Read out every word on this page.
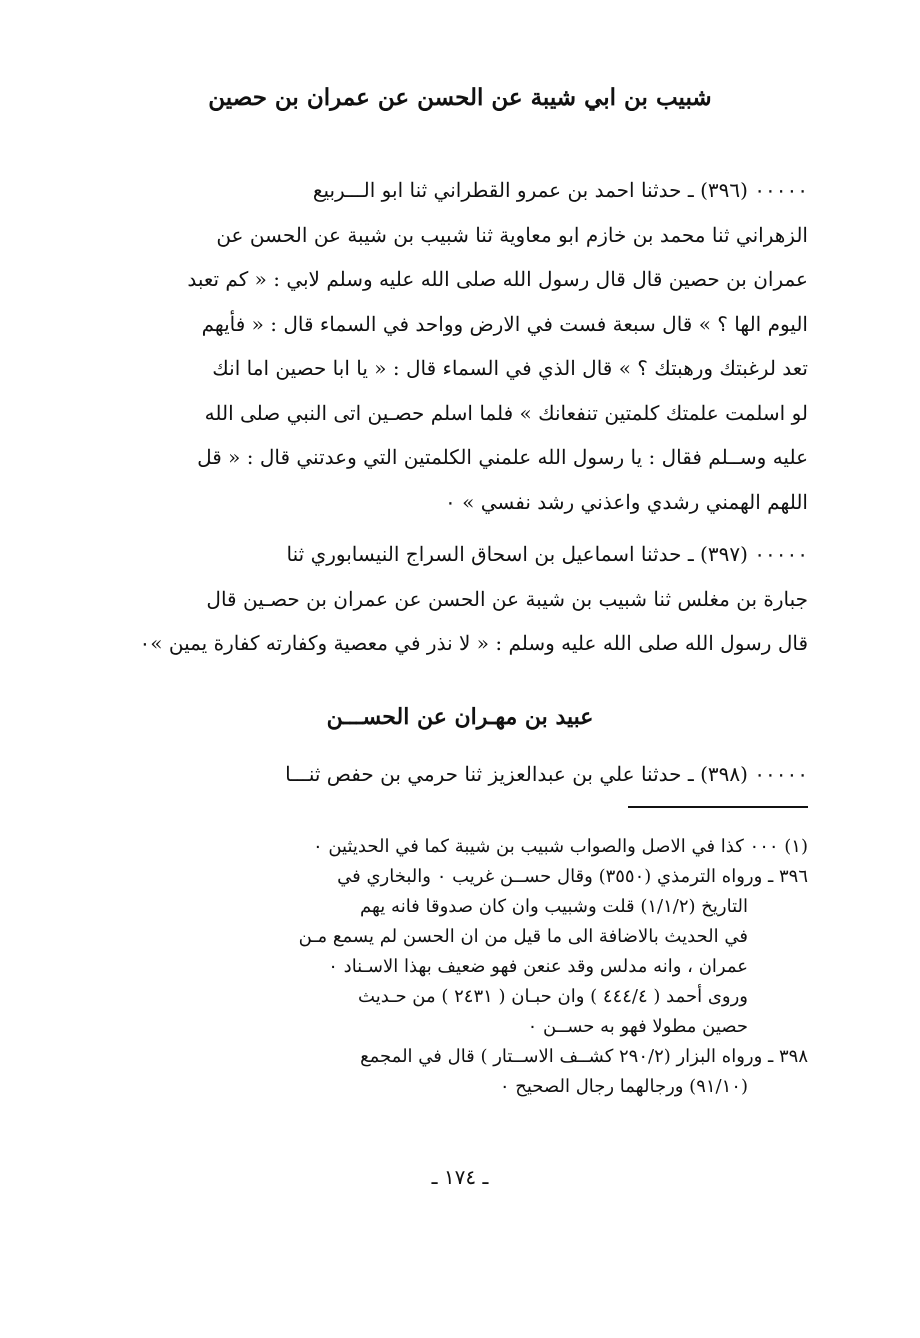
شبيب بن ابي شيبة عن الحسن عن عمران بن حصين
٠٠٠٠٠ (٣٩٦) ـ حدثنا احمد بن عمرو القطراني ثنا ابو الـــربيع
الزهراني ثنا محمد بن خازم ابو معاوية ثنا شبيب بن شيبة عن الحسن عن
عمران بن حصين قال قال رسول الله صلى الله عليه وسلم لابي : « كم تعبد
اليوم الها ؟ » قال سبعة فست في الارض وواحد في السماء قال : « فأيهم
تعد لرغبتك ورهبتك ؟ » قال الذي في السماء قال : « يا ابا حصين اما انك
لو اسلمت علمتك كلمتين تنفعانك » فلما اسلم حصـين اتى النبي صلى الله
عليه وســلم فقال : يا رسول الله علمني الكلمتين التي وعدتني قال : « قل
اللهم الهمني رشدي واعذني رشد نفسي » ٠
٠٠٠٠٠ (٣٩٧) ـ حدثنا اسماعيل بن اسحاق السراج النيسابوري ثنا
جبارة بن مغلس ثنا شبيب بن شيبة عن الحسن عن عمران بن حصـين قال
قال رسول الله صلى الله عليه وسلم : « لا نذر في معصية وكفارته كفارة يمين »٠
عبيد بن مهـران عن الحســـن
٠٠٠٠٠ (٣٩٨) ـ حدثنا علي بن عبدالعزيز ثنا حرمي بن حفص ثنـــا
(١) ٠٠٠ كذا في الاصل والصواب شبيب بن شيبة كما في الحديثين ٠
٣٩٦ ـ ورواه الترمذي (٣٥٥٠) وقال حســن غريب ٠ والبخاري في
التاريخ (١/١/٢) قلت وشبيب وان كان صدوقا فانه يهم
في الحديث بالاضافة الى ما قيل من ان الحسن لم يسمع مـن
عمران ، وانه مدلس وقد عنعن فهو ضعيف بهذا الاسـناد ٠
وروى أحمد ( ٤٤٤/٤ ) وان حبـان ( ٢٤٣١ ) من حـديث
حصين مطولا فهو به حســن ٠
٣٩٨ ـ ورواه البزار (٢٩٠/٢ كشــف الاســتار ) قال في المجمع
(٩١/١٠) ورجالهما رجال الصحيح ٠
ـ ١٧٤ ـ
